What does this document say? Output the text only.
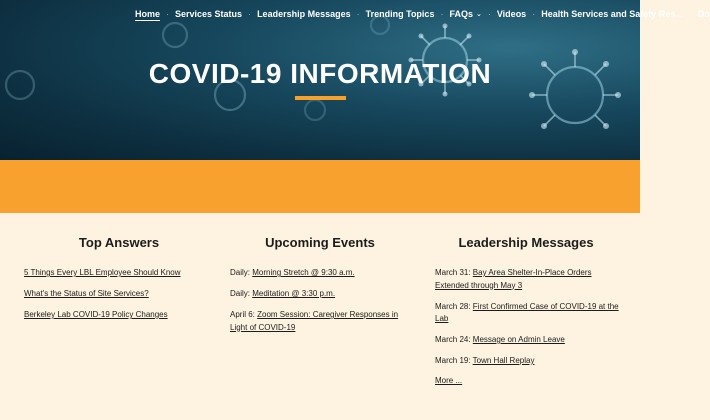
Home · Services Status · Leadership Messages · Trending Topics · FAQs ⌄ · Videos · Health Services and Safety Res... · Do
COVID-19 INFORMATION
Top Answers
5 Things Every LBL Employee Should Know
What's the Status of Site Services?
Berkeley Lab COVID-19 Policy Changes
Upcoming Events
Daily: Morning Stretch @ 9:30 a.m.
Daily: Meditation @ 3:30 p.m.
April 6: Zoom Session: Caregiver Responses in Light of COVID-19
Leadership Messages
March 31: Bay Area Shelter-In-Place Orders Extended through May 3
March 28: First Confirmed Case of COVID-19 at the Lab
March 24: Message on Admin Leave
March 19: Town Hall Replay
More ...
